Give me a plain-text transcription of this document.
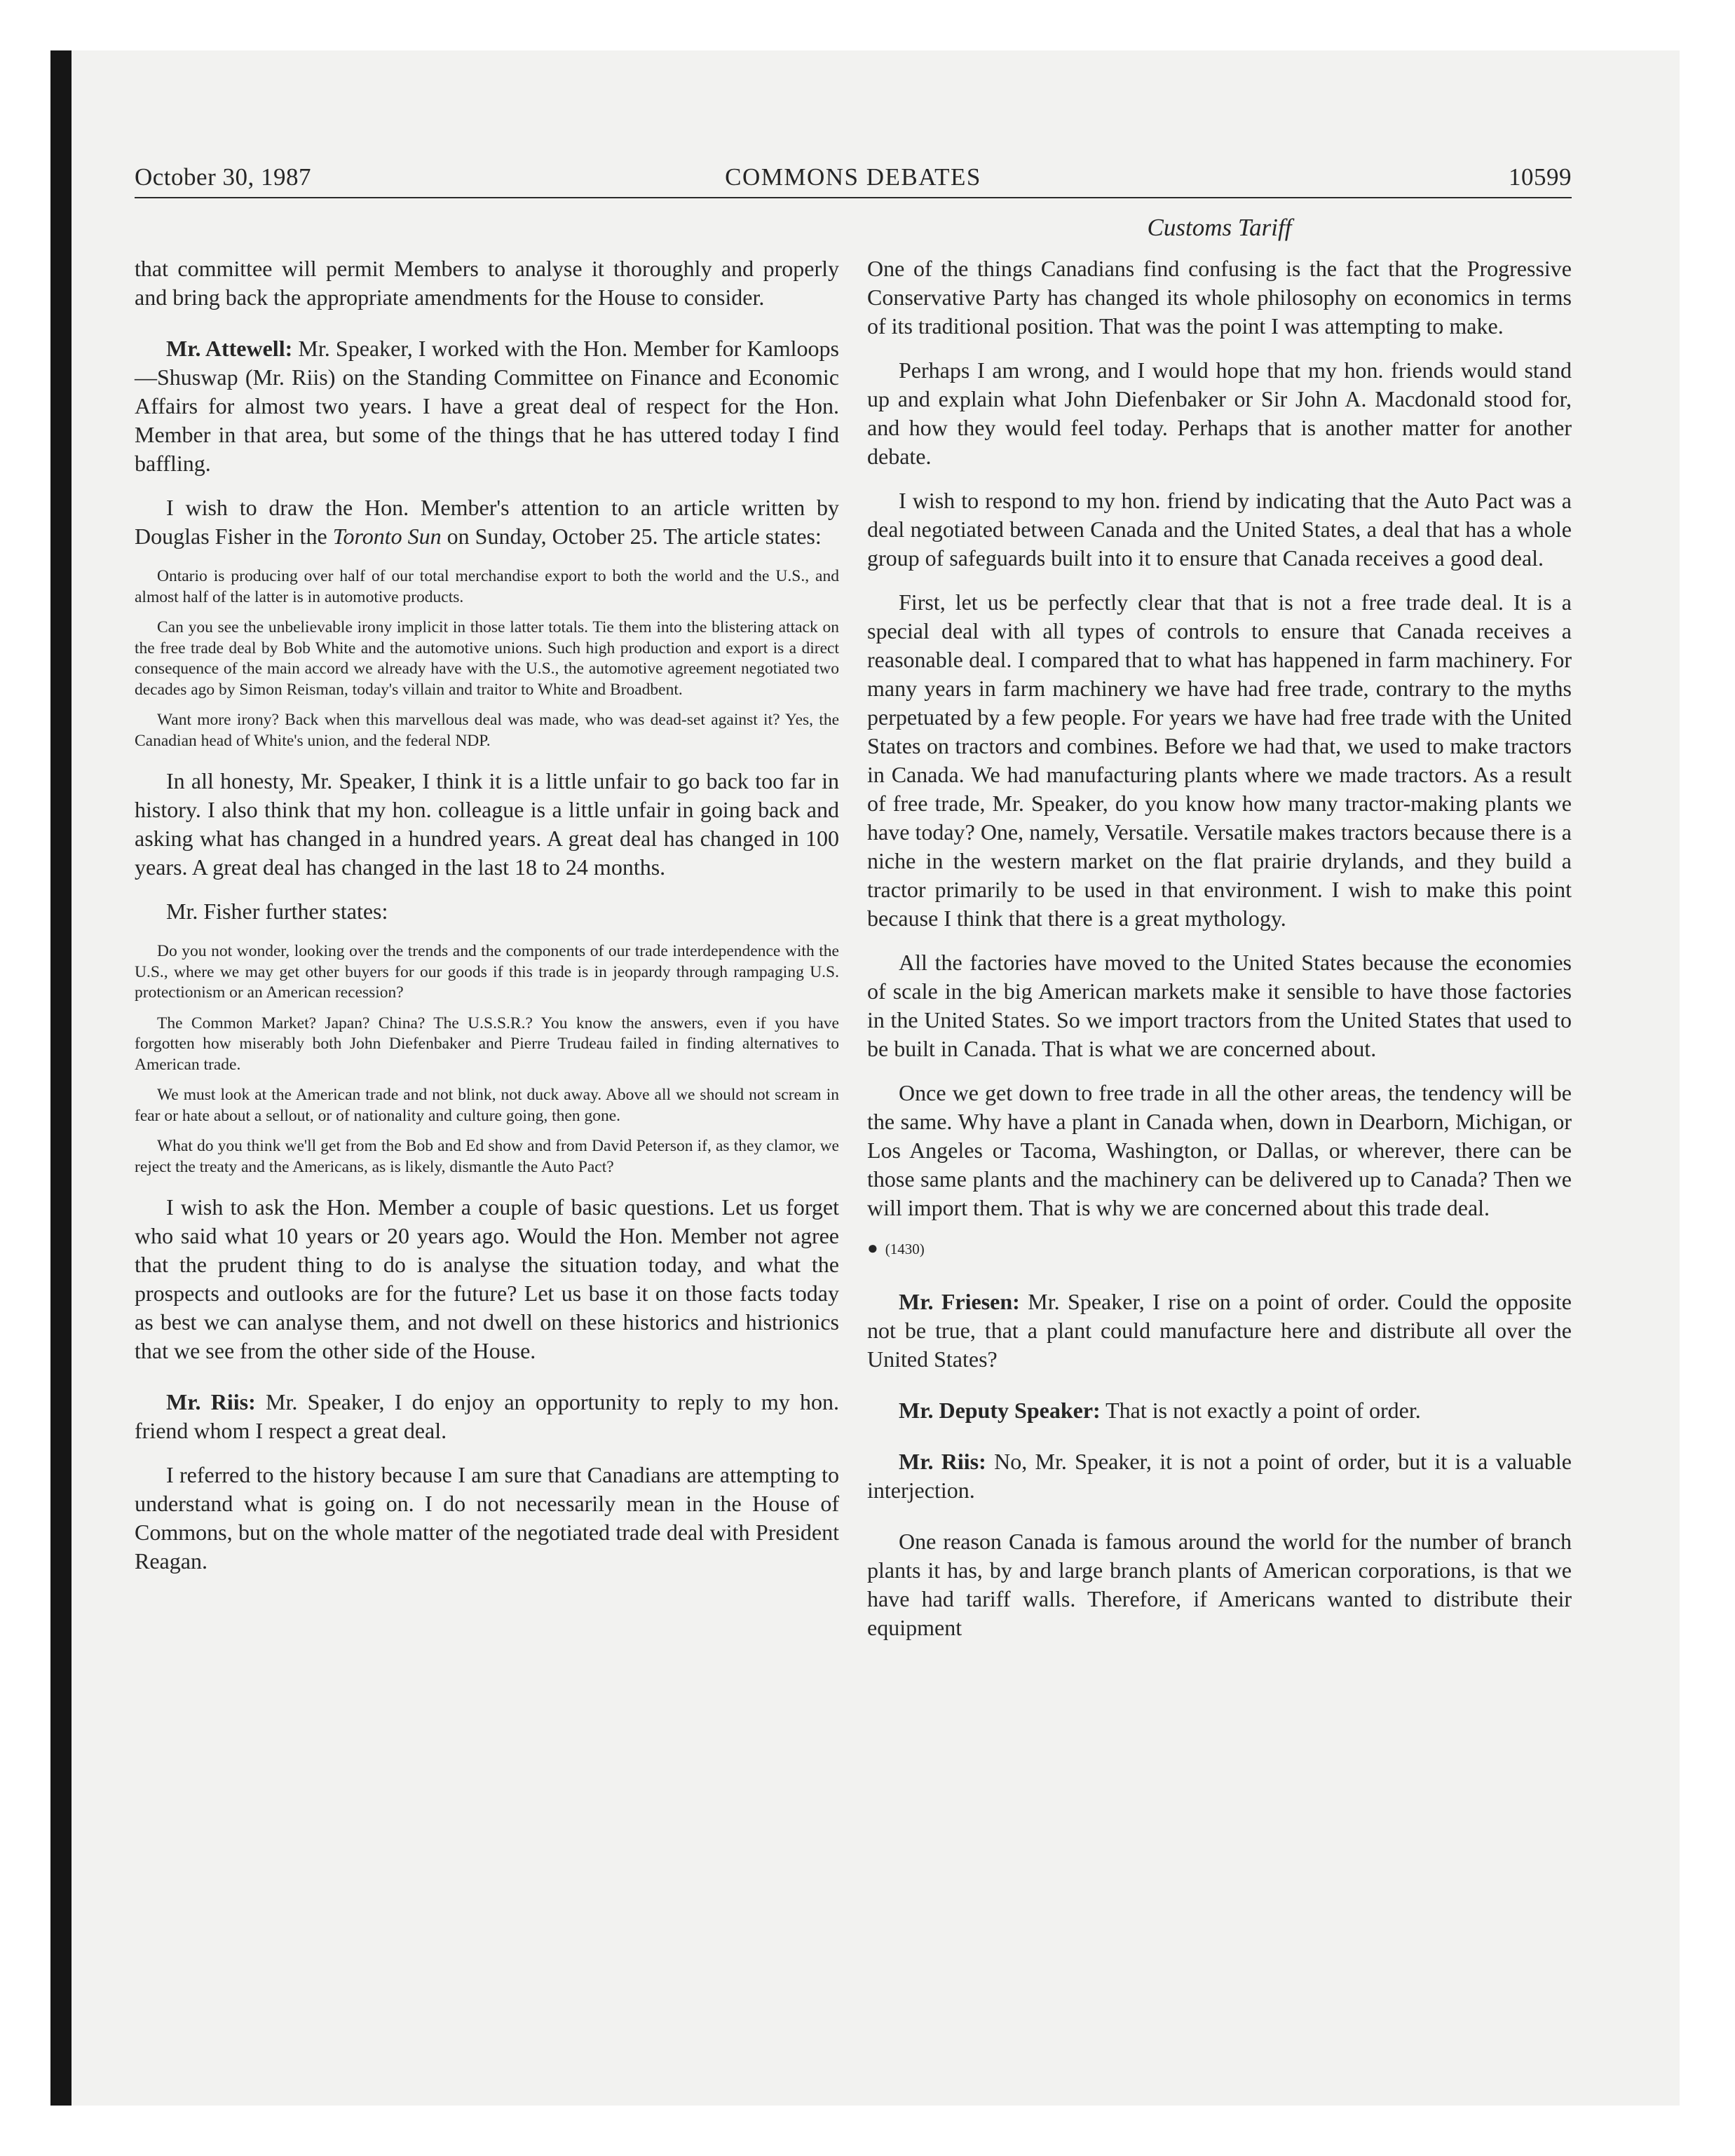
October 30, 1987	COMMONS DEBATES	10599
Customs Tariff

that committee will permit Members to analyse it thoroughly and properly and bring back the appropriate amendments for the House to consider.

Mr. Attewell: Mr. Speaker, I worked with the Hon. Member for Kamloops—Shuswap (Mr. Riis) on the Standing Committee on Finance and Economic Affairs for almost two years. I have a great deal of respect for the Hon. Member in that area, but some of the things that he has uttered today I find baffling.

I wish to draw the Hon. Member's attention to an article written by Douglas Fisher in the Toronto Sun on Sunday, October 25. The article states:

Ontario is producing over half of our total merchandise export to both the world and the U.S., and almost half of the latter is in automotive products.

Can you see the unbelievable irony implicit in those latter totals. Tie them into the blistering attack on the free trade deal by Bob White and the automotive unions. Such high production and export is a direct consequence of the main accord we already have with the U.S., the automotive agreement negotiated two decades ago by Simon Reisman, today's villain and traitor to White and Broadbent.

Want more irony? Back when this marvellous deal was made, who was dead-set against it? Yes, the Canadian head of White's union, and the federal NDP.

In all honesty, Mr. Speaker, I think it is a little unfair to go back too far in history. I also think that my hon. colleague is a little unfair in going back and asking what has changed in a hundred years. A great deal has changed in 100 years. A great deal has changed in the last 18 to 24 months.

Mr. Fisher further states:

Do you not wonder, looking over the trends and the components of our trade interdependence with the U.S., where we may get other buyers for our goods if this trade is in jeopardy through rampaging U.S. protectionism or an American recession?

The Common Market? Japan? China? The U.S.S.R.? You know the answers, even if you have forgotten how miserably both John Diefenbaker and Pierre Trudeau failed in finding alternatives to American trade.

We must look at the American trade and not blink, not duck away. Above all we should not scream in fear or hate about a sellout, or of nationality and culture going, then gone.

What do you think we'll get from the Bob and Ed show and from David Peterson if, as they clamor, we reject the treaty and the Americans, as is likely, dismantle the Auto Pact?

I wish to ask the Hon. Member a couple of basic questions. Let us forget who said what 10 years or 20 years ago. Would the Hon. Member not agree that the prudent thing to do is analyse the situation today, and what the prospects and outlooks are for the future? Let us base it on those facts today as best we can analyse them, and not dwell on these historics and histrionics that we see from the other side of the House.

Mr. Riis: Mr. Speaker, I do enjoy an opportunity to reply to my hon. friend whom I respect a great deal.

I referred to the history because I am sure that Canadians are attempting to understand what is going on. I do not necessarily mean in the House of Commons, but on the whole matter of the negotiated trade deal with President Reagan.

One of the things Canadians find confusing is the fact that the Progressive Conservative Party has changed its whole philosophy on economics in terms of its traditional position. That was the point I was attempting to make.

Perhaps I am wrong, and I would hope that my hon. friends would stand up and explain what John Diefenbaker or Sir John A. Macdonald stood for, and how they would feel today. Perhaps that is another matter for another debate.

I wish to respond to my hon. friend by indicating that the Auto Pact was a deal negotiated between Canada and the United States, a deal that has a whole group of safeguards built into it to ensure that Canada receives a good deal.

First, let us be perfectly clear that that is not a free trade deal. It is a special deal with all types of controls to ensure that Canada receives a reasonable deal. I compared that to what has happened in farm machinery. For many years in farm machinery we have had free trade, contrary to the myths perpetuated by a few people. For years we have had free trade with the United States on tractors and combines. Before we had that, we used to make tractors in Canada. We had manufacturing plants where we made tractors. As a result of free trade, Mr. Speaker, do you know how many tractor-making plants we have today? One, namely, Versatile. Versatile makes tractors because there is a niche in the western market on the flat prairie drylands, and they build a tractor primarily to be used in that environment. I wish to make this point because I think that there is a great mythology.

All the factories have moved to the United States because the economies of scale in the big American markets make it sensible to have those factories in the United States. So we import tractors from the United States that used to be built in Canada. That is what we are concerned about.

Once we get down to free trade in all the other areas, the tendency will be the same. Why have a plant in Canada when, down in Dearborn, Michigan, or Los Angeles or Tacoma, Washington, or Dallas, or wherever, there can be those same plants and the machinery can be delivered up to Canada? Then we will import them. That is why we are concerned about this trade deal.

● (1430)

Mr. Friesen: Mr. Speaker, I rise on a point of order. Could the opposite not be true, that a plant could manufacture here and distribute all over the United States?

Mr. Deputy Speaker: That is not exactly a point of order.

Mr. Riis: No, Mr. Speaker, it is not a point of order, but it is a valuable interjection.

One reason Canada is famous around the world for the number of branch plants it has, by and large branch plants of American corporations, is that we have had tariff walls. Therefore, if Americans wanted to distribute their equipment
